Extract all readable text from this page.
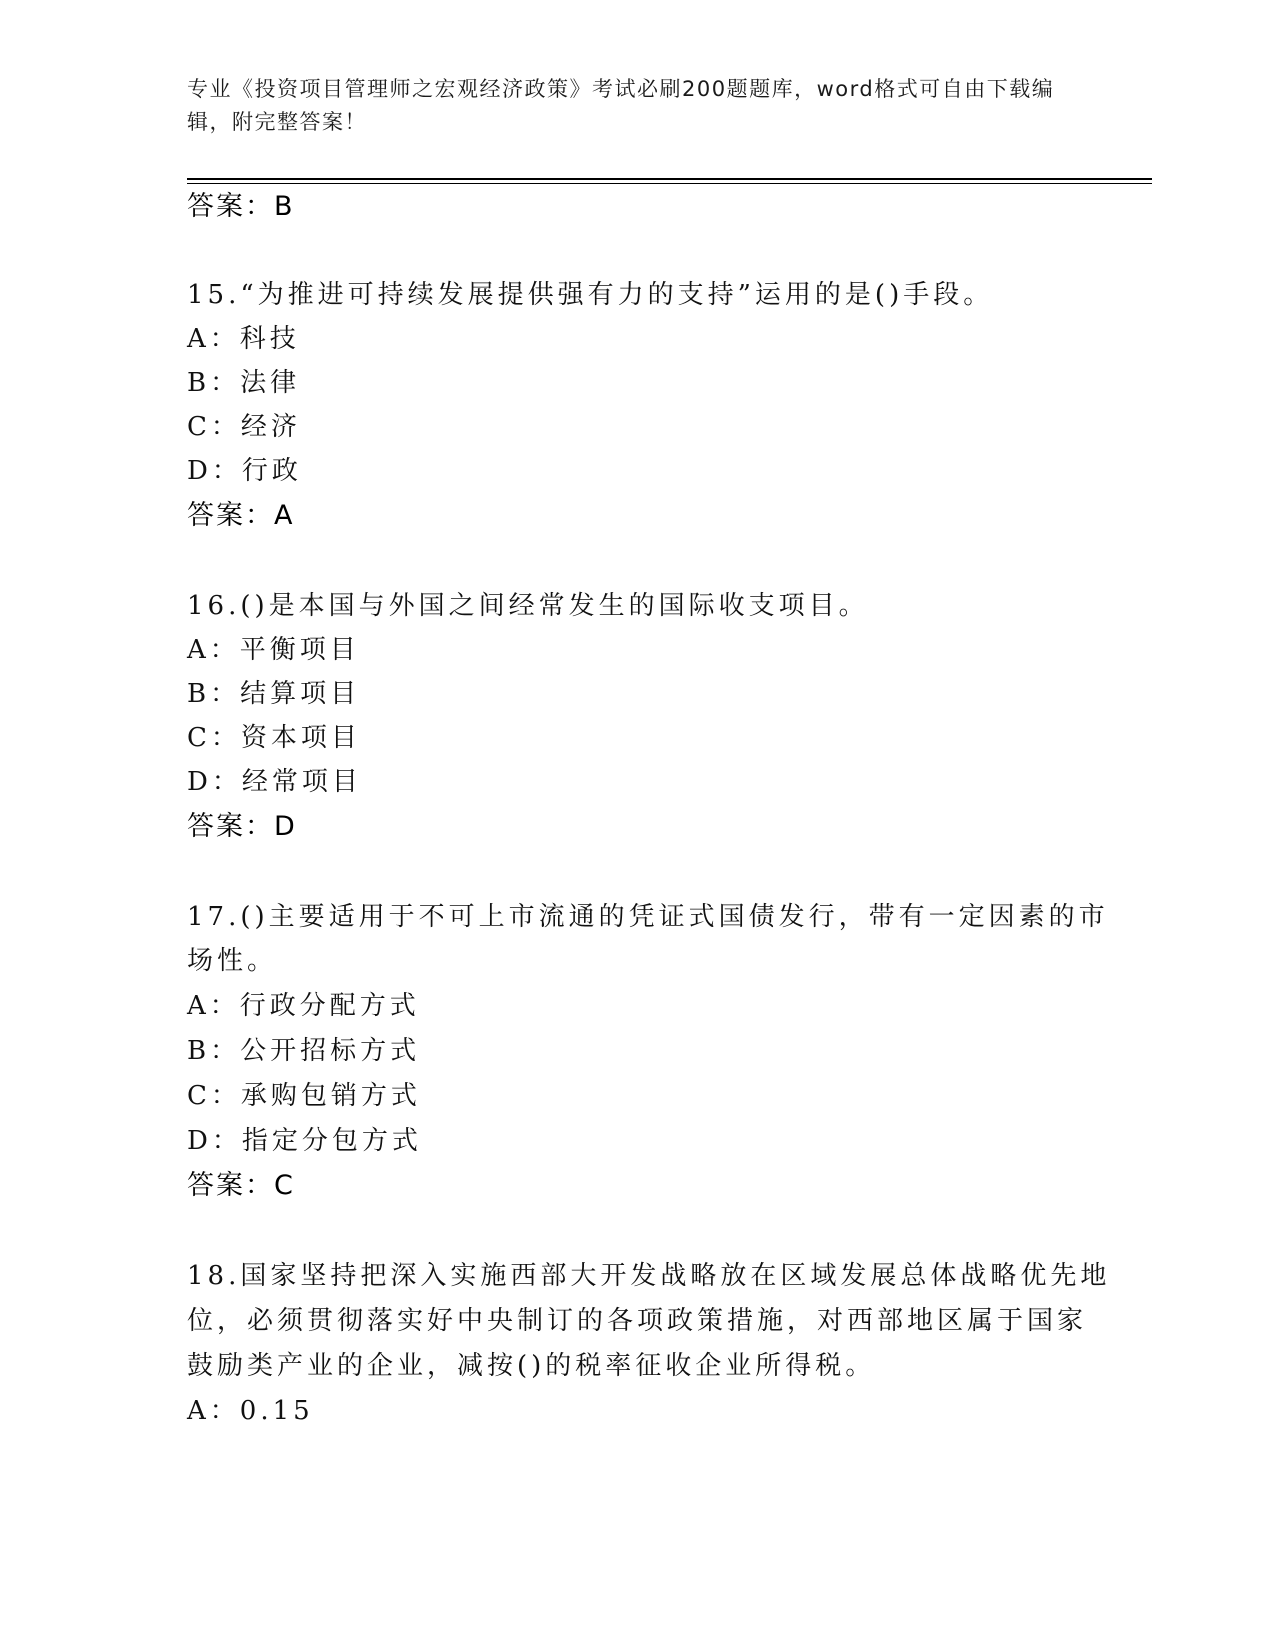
专业《投资项目管理师之宏观经济政策》考试必刷200题题库，word格式可自由下载编辑，附完整答案！
答案：B
15.“为推进可持续发展提供强有力的支持”运用的是()手段。
A：科技
B：法律
C：经济
D：行政
答案：A
16.()是本国与外国之间经常发生的国际收支项目。
A：平衡项目
B：结算项目
C：资本项目
D：经常项目
答案：D
17.()主要适用于不可上市流通的凭证式国债发行，带有一定因素的市
场性。
A：行政分配方式
B：公开招标方式
C：承购包销方式
D：指定分包方式
答案：C
18.国家坚持把深入实施西部大开发战略放在区域发展总体战略优先地
位，必须贯彻落实好中央制订的各项政策措施，对西部地区属于国家
鼓励类产业的企业，减按()的税率征收企业所得税。
A：0.15
